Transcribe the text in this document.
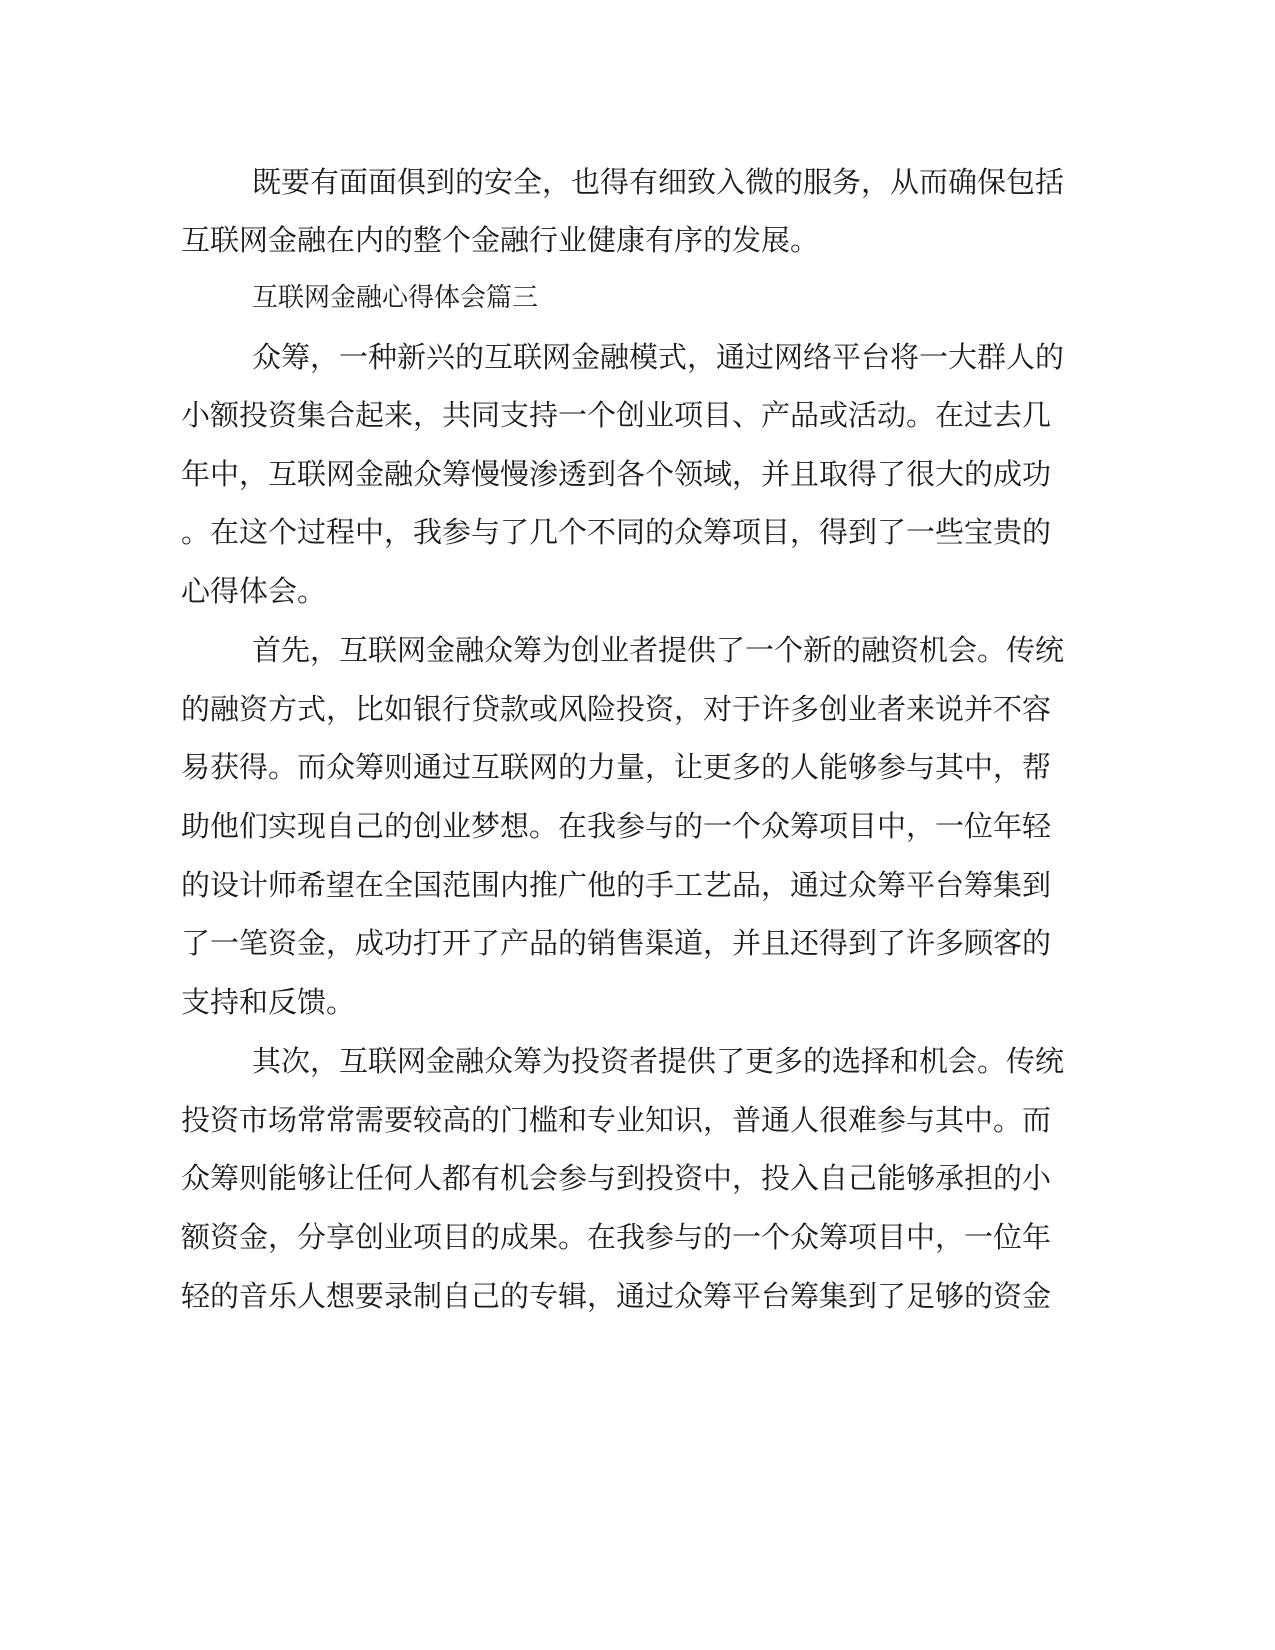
既要有面面俱到的安全，也得有细致入微的服务，从而确保包括
互联网金融在内的整个金融行业健康有序的发展。
互联网金融心得体会篇三
众筹，一种新兴的互联网金融模式，通过网络平台将一大群人的
小额投资集合起来，共同支持一个创业项目、产品或活动。在过去几
年中，互联网金融众筹慢慢渗透到各个领域，并且取得了很大的成功
。在这个过程中，我参与了几个不同的众筹项目，得到了一些宝贵的
心得体会。
首先，互联网金融众筹为创业者提供了一个新的融资机会。传统
的融资方式，比如银行贷款或风险投资，对于许多创业者来说并不容
易获得。而众筹则通过互联网的力量，让更多的人能够参与其中，帮
助他们实现自己的创业梦想。在我参与的一个众筹项目中，一位年轻
的设计师希望在全国范围内推广他的手工艺品，通过众筹平台筹集到
了一笔资金，成功打开了产品的销售渠道，并且还得到了许多顾客的
支持和反馈。
其次，互联网金融众筹为投资者提供了更多的选择和机会。传统
投资市场常常需要较高的门槛和专业知识，普通人很难参与其中。而
众筹则能够让任何人都有机会参与到投资中，投入自己能够承担的小
额资金，分享创业项目的成果。在我参与的一个众筹项目中，一位年
轻的音乐人想要录制自己的专辑，通过众筹平台筹集到了足够的资金
